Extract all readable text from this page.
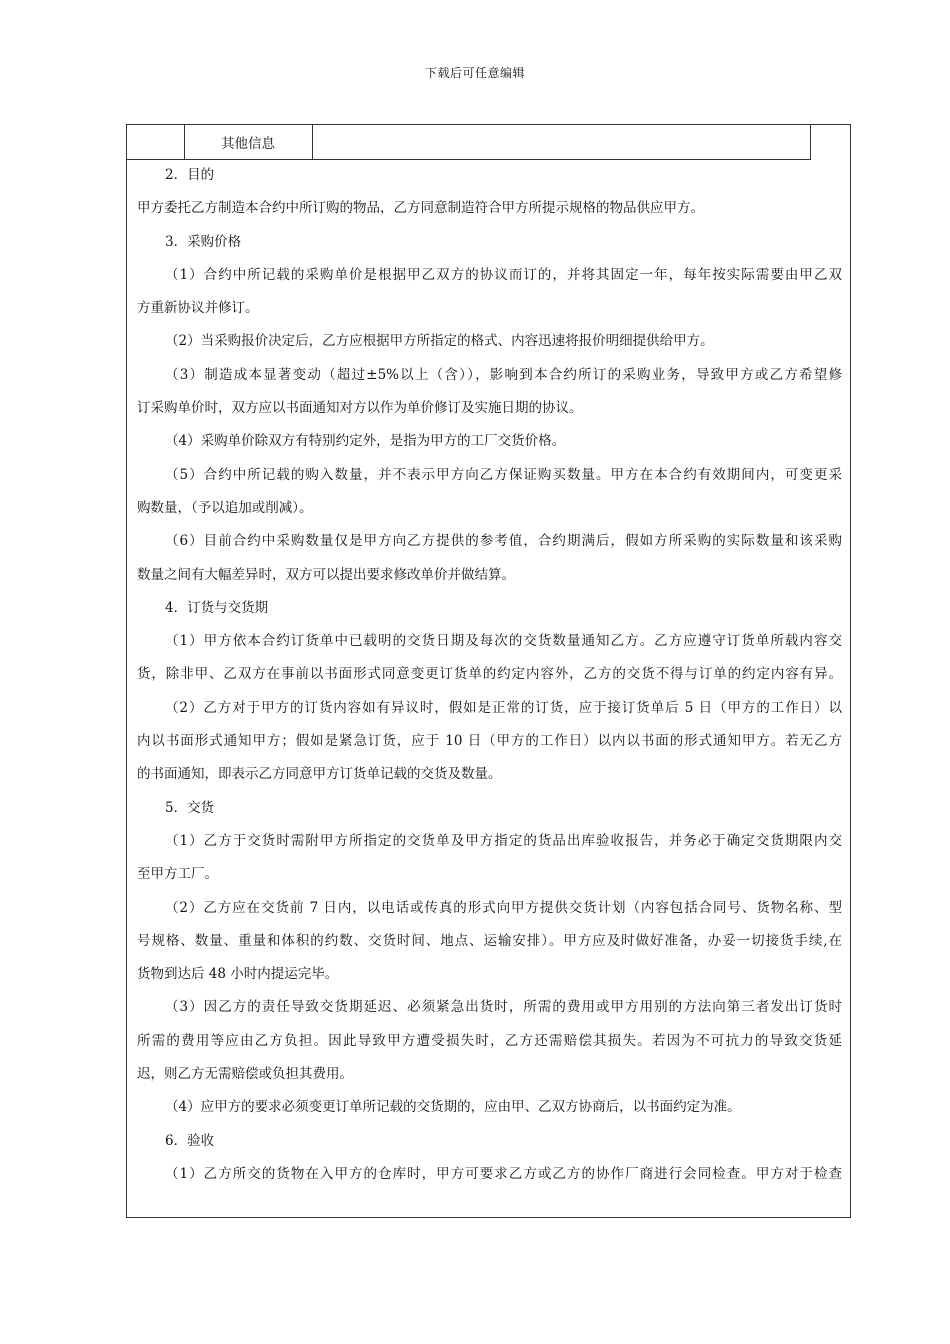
下载后可任意编辑
	其他信息	
2．目的
甲方委托乙方制造本合约中所订购的物品，乙方同意制造符合甲方所提示规格的物品供应甲方。
3．采购价格
（1）合约中所记载的采购单价是根据甲乙双方的协议而订的，并将其固定一年，每年按实际需要由甲乙双
方重新协议并修订。
（2）当采购报价决定后，乙方应根据甲方所指定的格式、内容迅速将报价明细提供给甲方。
（3）制造成本显著变动（超过±5%以上（含）），影响到本合约所订的采购业务，导致甲方或乙方希望修
订采购单价时，双方应以书面通知对方以作为单价修订及实施日期的协议。
（4）采购单价除双方有特别约定外，是指为甲方的工厂交货价格。
（5）合约中所记载的购入数量，并不表示甲方向乙方保证购买数量。甲方在本合约有效期间内，可变更采
购数量，（予以追加或削减）。
（6）目前合约中采购数量仅是甲方向乙方提供的参考值，合约期满后，假如方所采购的实际数量和该采购
数量之间有大幅差异时，双方可以提出要求修改单价并做结算。
4．订货与交货期
（1）甲方依本合约订货单中已载明的交货日期及每次的交货数量通知乙方。乙方应遵守订货单所载内容交
货，除非甲、乙双方在事前以书面形式同意变更订货单的约定内容外，乙方的交货不得与订单的约定内容有异。
（2）乙方对于甲方的订货内容如有异议时，假如是正常的订货，应于接订货单后 5 日（甲方的工作日）以
内以书面形式通知甲方；假如是紧急订货，应于 10 日（甲方的工作日）以内以书面的形式通知甲方。若无乙方
的书面通知，即表示乙方同意甲方订货单记载的交货及数量。
5．交货
（1）乙方于交货时需附甲方所指定的交货单及甲方指定的货品出库验收报告，并务必于确定交货期限内交
至甲方工厂。
（2）乙方应在交货前 7 日内，以电话或传真的形式向甲方提供交货计划（内容包括合同号、货物名称、型
号规格、数量、重量和体积的约数、交货时间、地点、运输安排）。甲方应及时做好准备，办妥一切接货手续,在
货物到达后 48 小时内提运完毕。
（3）因乙方的责任导致交货期延迟、必须紧急出货时，所需的费用或甲方用别的方法向第三者发出订货时
所需的费用等应由乙方负担。因此导致甲方遭受损失时，乙方还需赔偿其损失。若因为不可抗力的导致交货延
迟，则乙方无需赔偿或负担其费用。
（4）应甲方的要求必须变更订单所记载的交货期的，应由甲、乙双方协商后，以书面约定为准。
6．验收
（1）乙方所交的货物在入甲方的仓库时，甲方可要求乙方或乙方的协作厂商进行会同检查。甲方对于检查
